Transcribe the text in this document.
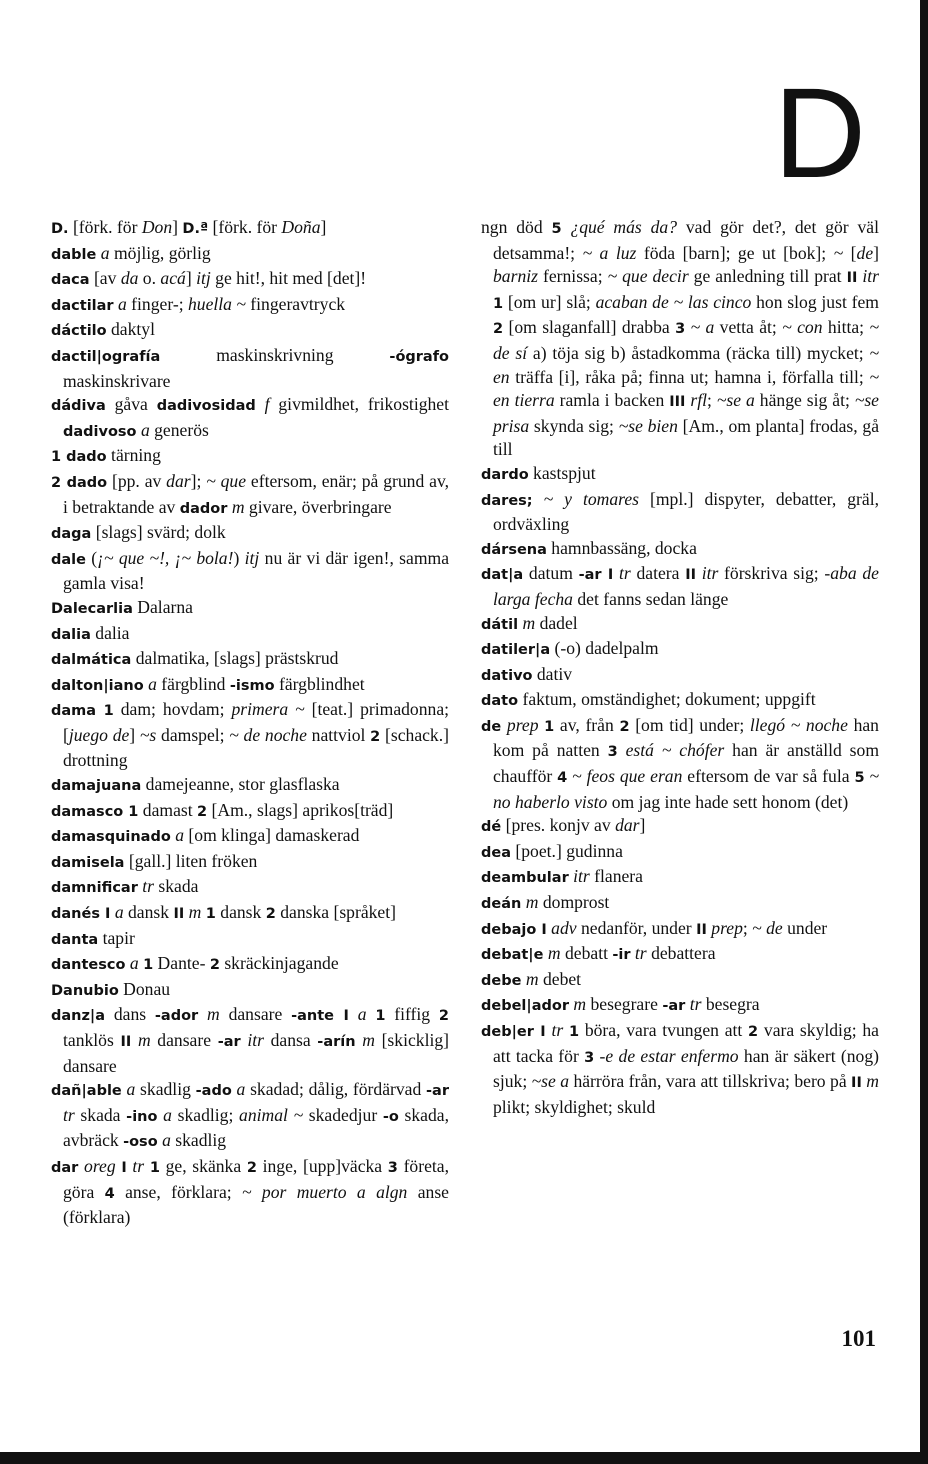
D

D. [förk. för Don] D.ª [förk. för Doña]

dable a möjlig, görlig

daca [av da o. acá] itj ge hit!, hit med [det]!

dactilar a finger-; huella ~ fingeravtryck

dáctilo daktyl

dactil|ografía maskinskrivning -ógrafo maskinskrivare

dádiva gåva dadivosidad f givmildhet, frikostighet dadivoso a generös

1 dado tärning

2 dado [pp. av dar]; ~ que eftersom, enär; på grund av, i betraktande av dador m givare, överbringare

daga [slags] svärd; dolk

dale (¡~ que ~!, ¡~ bola!) itj nu är vi där igen!, samma gamla visa!

Dalecarlia Dalarna

dalia dalia

dalmática dalmatika, [slags] prästskrud

dalton|iano a färgblind -ismo färgblindhet

dama 1 dam; hovdam; primera ~ [teat.] primadonna; [juego de] ~s damspel; ~ de noche nattviol 2 [schack.] drottning

damajuana damejeanne, stor glasflaska

damasco 1 damast 2 [Am., slags] aprikos[träd]

damasquinado a [om klinga] damaskerad

damisela [gall.] liten fröken

damnificar tr skada

danés I a dansk II m 1 dansk 2 danska [språket]

danta tapir

dantesco a 1 Dante- 2 skräckinjagande

Danubio Donau

danz|a dans -ador m dansare -ante I a 1 fiffig 2 tanklös II m dansare -ar itr dansa -arín m [skicklig] dansare

dañ|able a skadlig -ado a skadad; dålig, fördärvad -ar tr skada -ino a skadlig; animal ~ skadedjur -o skada, avbräck -oso a skadlig

dar oreg I tr 1 ge, skänka 2 inge, [upp]väcka 3 företa, göra 4 anse, förklara; ~ por muerto a algn anse (förklara)

ngn död 5 ¿qué más da? vad gör det?, det gör väl detsamma!; ~ a luz föda [barn]; ge ut [bok]; ~ [de] barniz fernissa; ~ que decir ge anledning till prat II itr 1 [om ur] slå; acaban de ~ las cinco hon slog just fem 2 [om slaganfall] drabba 3 ~ a vetta åt; ~ con hitta; ~ de sí a) töja sig b) åstadkomma (räcka till) mycket; ~ en träffa [i], råka på; finna ut; hamna i, förfalla till; ~ en tierra ramla i backen III rfl; ~se a hänge sig åt; ~se prisa skynda sig; ~se bien [Am., om planta] frodas, gå till

dardo kastspjut

dares; ~ y tomares [mpl.] dispyter, debatter, gräl, ordväxling

dársena hamnbassäng, docka

dat|a datum -ar I tr datera II itr förskriva sig; -aba de larga fecha det fanns sedan länge

dátil m dadel

datiler|a (-o) dadelpalm

dativo dativ

dato faktum, omständighet; dokument; uppgift

de prep 1 av, från 2 [om tid] under; llegó ~ noche han kom på natten 3 está ~ chófer han är anställd som chaufför 4 ~ feos que eran eftersom de var så fula 5 ~ no haberlo visto om jag inte hade sett honom (det)

dé [pres. konjv av dar]

dea [poet.] gudinna

deambular itr flanera

deán m domprost

debajo I adv nedanför, under II prep; ~ de under

debat|e m debatt -ir tr debattera

debe m debet

debel|ador m besegrare -ar tr besegra

deb|er I tr 1 böra, vara tvungen att 2 vara skyldig; ha att tacka för 3 -e de estar enfermo han är säkert (nog) sjuk; ~se a härröra från, vara att tillskriva; bero på II m plikt; skyldighet; skuld

101
